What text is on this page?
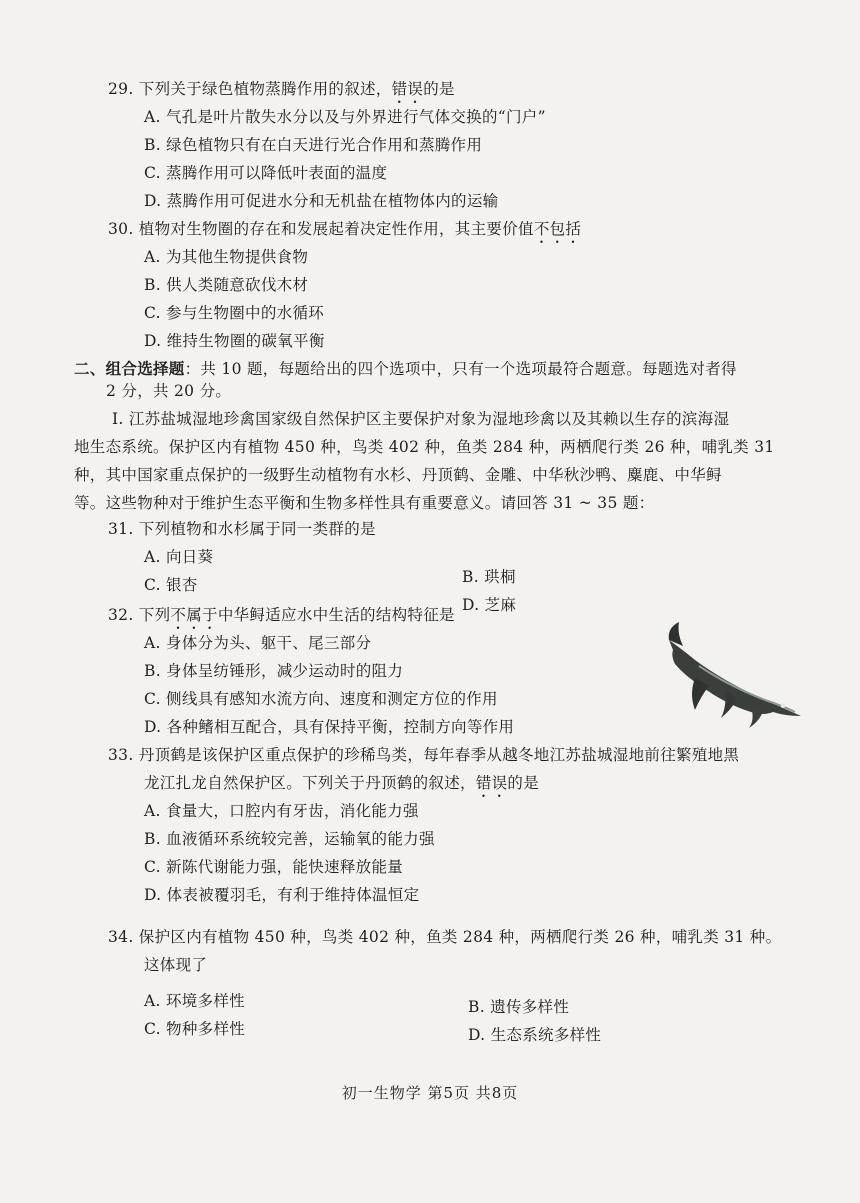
29. 下列关于绿色植物蒸腾作用的叙述，错误的是
A. 气孔是叶片散失水分以及与外界进行气体交换的“门户”
B. 绿色植物只有在白天进行光合作用和蒸腾作用
C. 蒸腾作用可以降低叶表面的温度
D. 蒸腾作用可促进水分和无机盐在植物体内的运输
30. 植物对生物圈的存在和发展起着决定性作用，其主要价值不包括
A. 为其他生物提供食物
B. 供人类随意砍伐木材
C. 参与生物圈中的水循环
D. 维持生物圈的碳氧平衡
二、组合选择题：共 10 题，每题给出的四个选项中，只有一个选项最符合题意。每题选对者得
2 分，共 20 分。
Ⅰ. 江苏盐城湿地珍禽国家级自然保护区主要保护对象为湿地珍禽以及其赖以生存的滨海湿
地生态系统。保护区内有植物 450 种，鸟类 402 种，鱼类 284 种，两栖爬行类 26 种，哺乳类 31
种，其中国家重点保护的一级野生动植物有水杉、丹顶鹤、金雕、中华秋沙鸭、麋鹿、中华鲟
等。这些物种对于维护生态平衡和生物多样性具有重要意义。请回答 31 ~ 35 题：
31. 下列植物和水杉属于同一类群的是
A. 向日葵
B. 珙桐
C. 银杏
D. 芝麻
32. 下列不属于中华鲟适应水中生活的结构特征是
A. 身体分为头、躯干、尾三部分
B. 身体呈纺锤形，减少运动时的阻力
C. 侧线具有感知水流方向、速度和测定方位的作用
D. 各种鳍相互配合，具有保持平衡，控制方向等作用
33. 丹顶鹤是该保护区重点保护的珍稀鸟类，每年春季从越冬地江苏盐城湿地前往繁殖地黑
龙江扎龙自然保护区。下列关于丹顶鹤的叙述，错误的是
A. 食量大，口腔内有牙齿，消化能力强
B. 血液循环系统较完善，运输氧的能力强
C. 新陈代谢能力强，能快速释放能量
D. 体表被覆羽毛，有利于维持体温恒定
34. 保护区内有植物 450 种，鸟类 402 种，鱼类 284 种，两栖爬行类 26 种，哺乳类 31 种。
这体现了
A. 环境多样性	B. 遗传多样性
C. 物种多样性	D. 生态系统多样性
初一生物学 第5页 共8页
